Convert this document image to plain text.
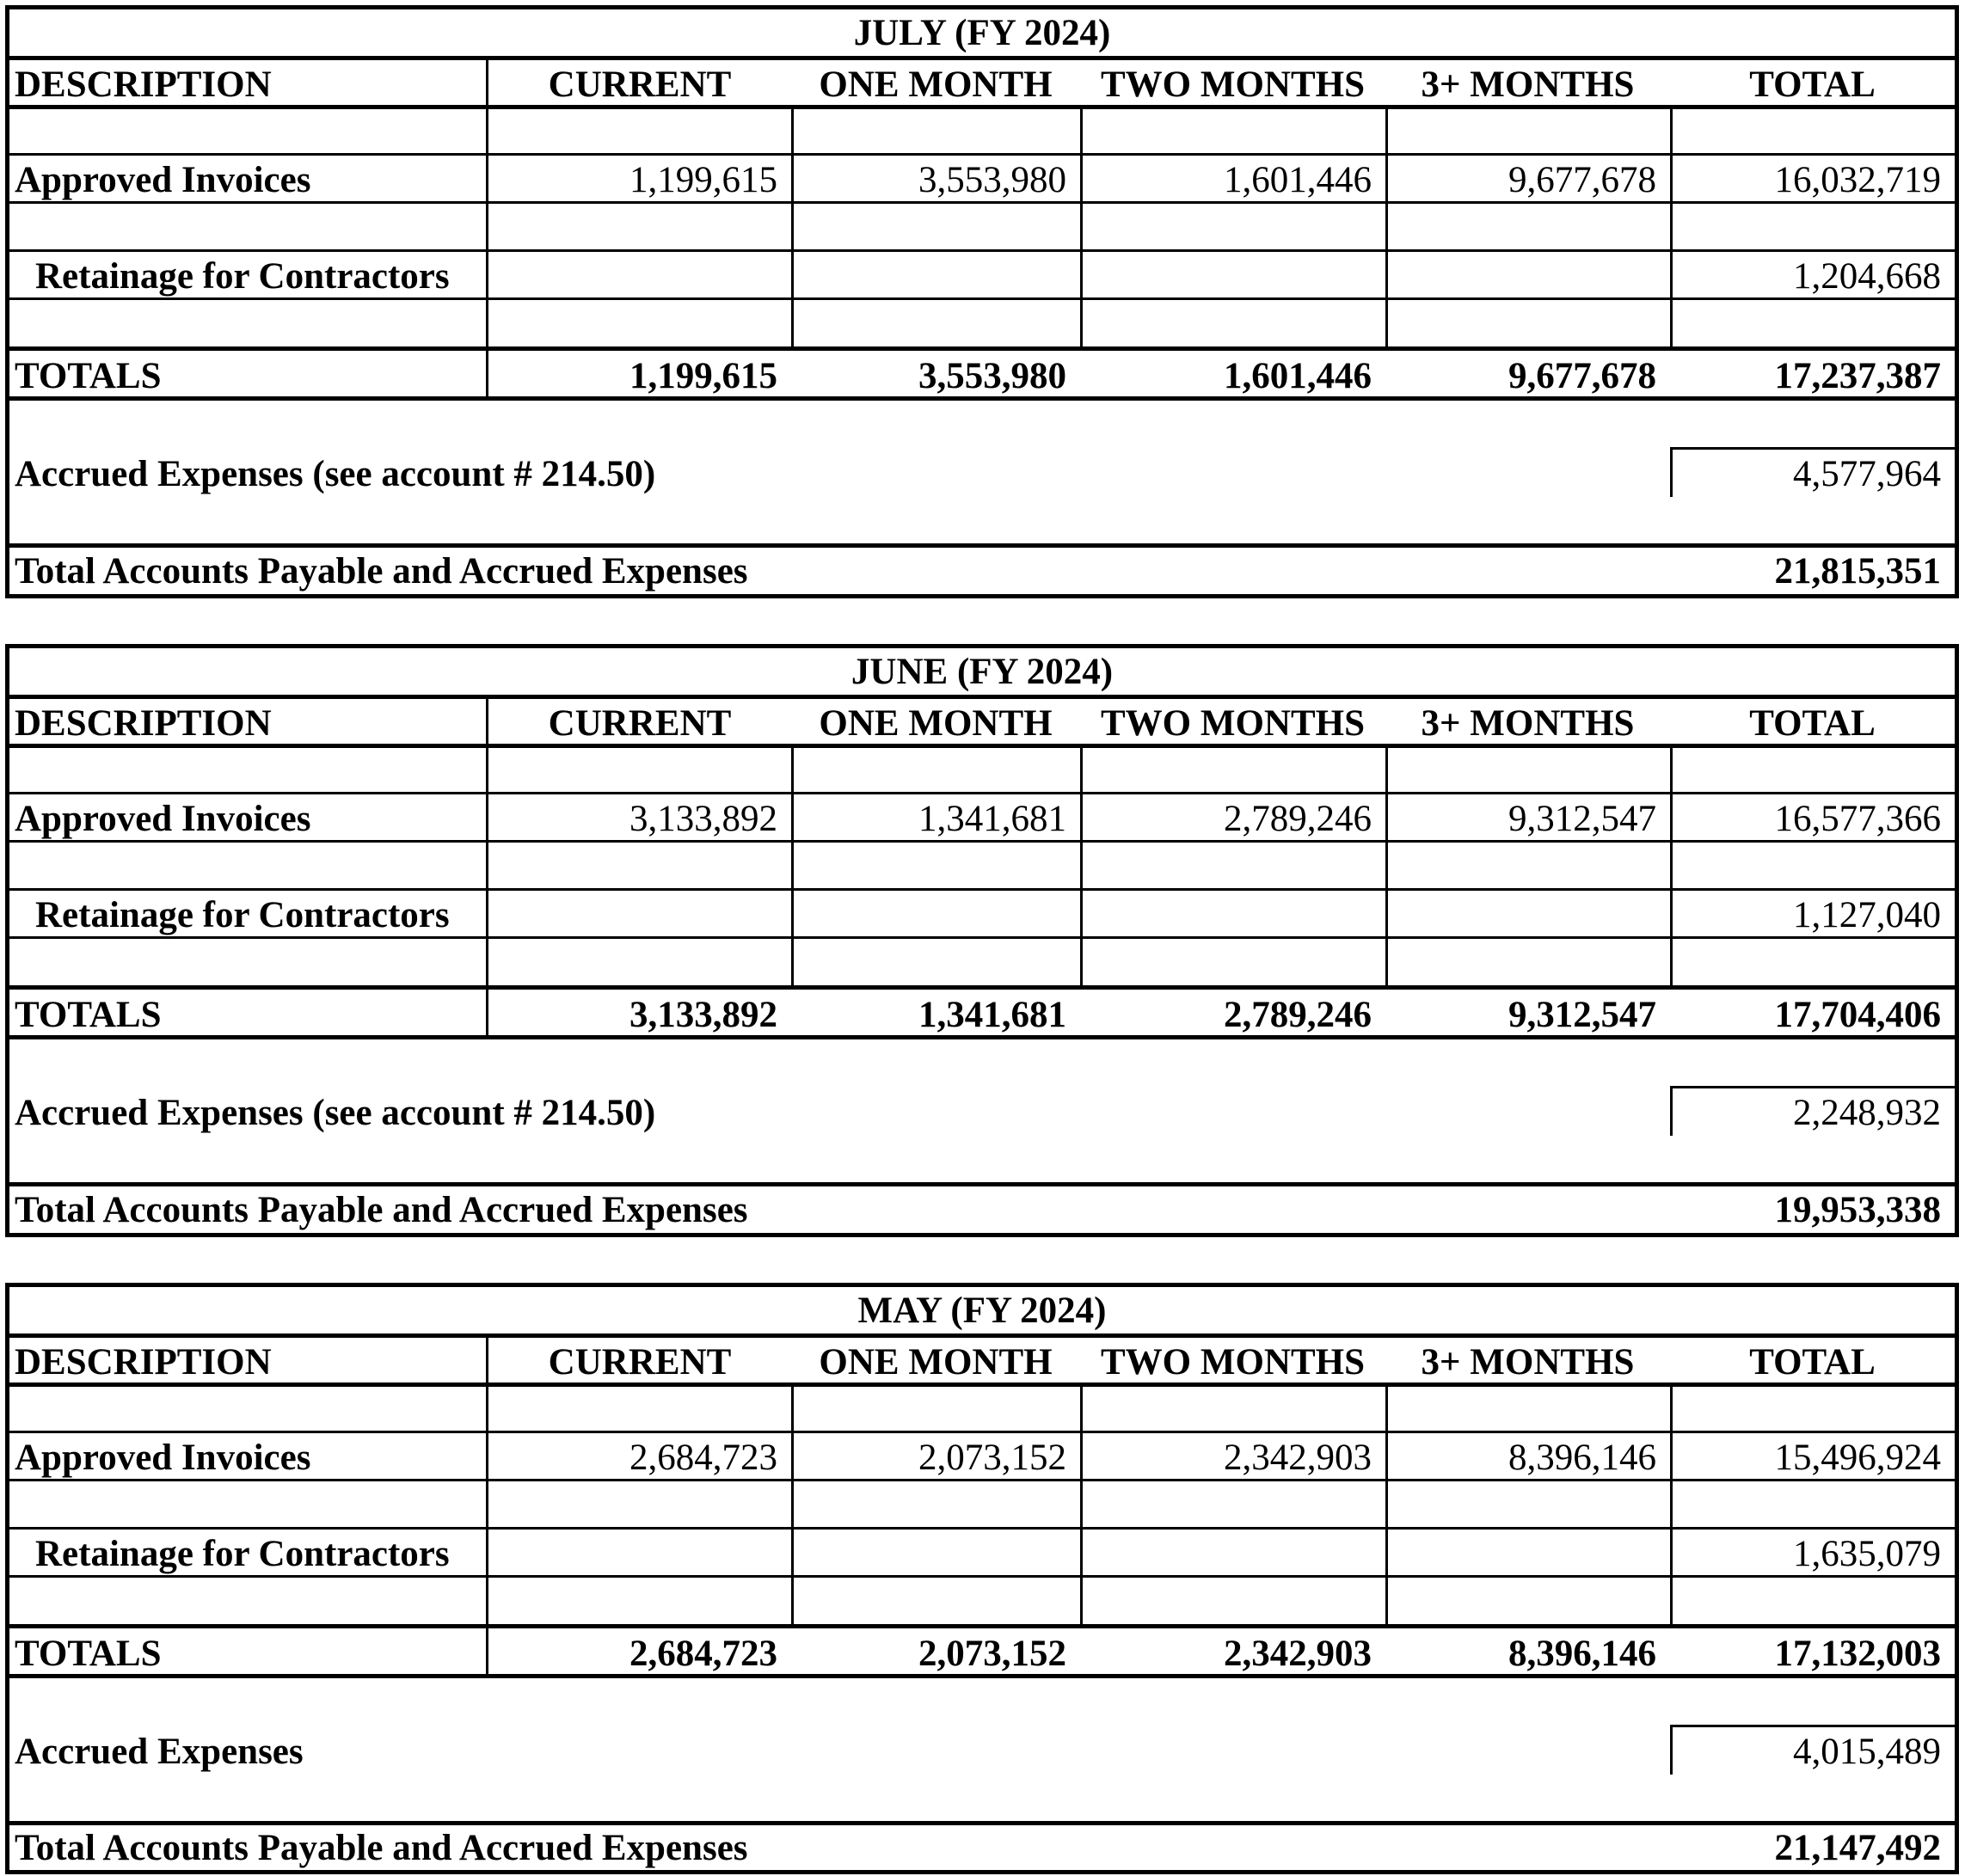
JULY (FY 2024)
DESCRIPTION	CURRENT	ONE MONTH	TWO MONTHS	3+ MONTHS	TOTAL
Approved Invoices	1,199,615	3,553,980	1,601,446	9,677,678	16,032,719
Retainage for Contractors	1,204,668
TOTALS	1,199,615	3,553,980	1,601,446	9,677,678	17,237,387
Accrued Expenses (see account # 214.50)	4,577,964
Total Accounts Payable and Accrued Expenses	21,815,351
JUNE (FY 2024)
DESCRIPTION	CURRENT	ONE MONTH	TWO MONTHS	3+ MONTHS	TOTAL
Approved Invoices	3,133,892	1,341,681	2,789,246	9,312,547	16,577,366
Retainage for Contractors	1,127,040
TOTALS	3,133,892	1,341,681	2,789,246	9,312,547	17,704,406
Accrued Expenses (see account # 214.50)	2,248,932
Total Accounts Payable and Accrued Expenses	19,953,338
MAY (FY 2024)
DESCRIPTION	CURRENT	ONE MONTH	TWO MONTHS	3+ MONTHS	TOTAL
Approved Invoices	2,684,723	2,073,152	2,342,903	8,396,146	15,496,924
Retainage for Contractors	1,635,079
TOTALS	2,684,723	2,073,152	2,342,903	8,396,146	17,132,003
Accrued Expenses	4,015,489
Total Accounts Payable and Accrued Expenses	21,147,492
